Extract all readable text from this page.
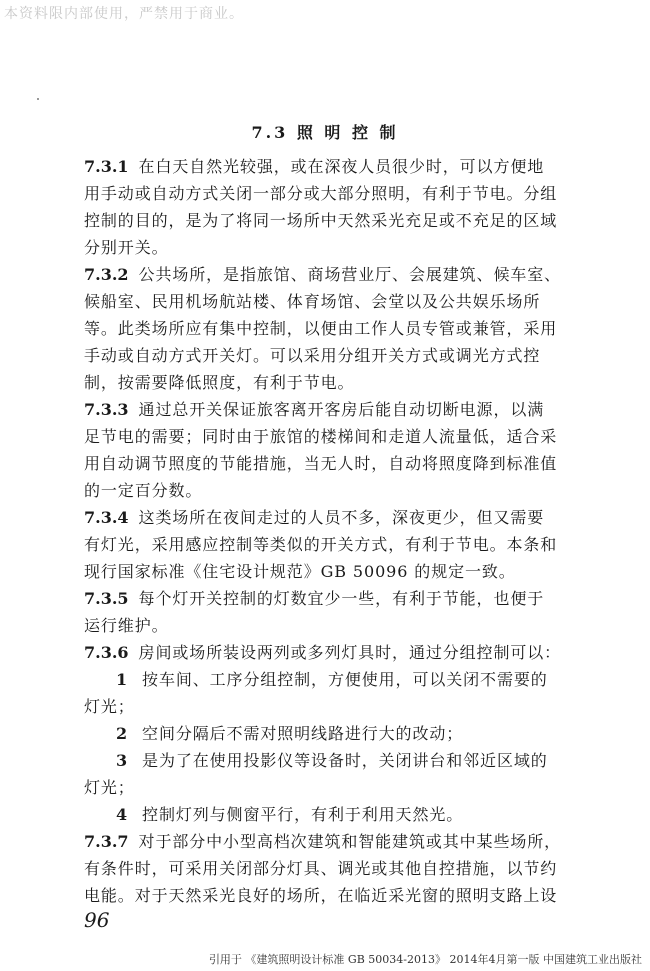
本资料限内部使用，严禁用于商业。
7.3 照 明 控 制
7.3.1 在白天自然光较强，或在深夜人员很少时，可以方便地
用手动或自动方式关闭一部分或大部分照明，有利于节电。分组
控制的目的，是为了将同一场所中天然采光充足或不充足的区域
分别开关。
7.3.2 公共场所，是指旅馆、商场营业厅、会展建筑、候车室、
候船室、民用机场航站楼、体育场馆、会堂以及公共娱乐场所
等。此类场所应有集中控制，以便由工作人员专管或兼管，采用
手动或自动方式开关灯。可以采用分组开关方式或调光方式控
制，按需要降低照度，有利于节电。
7.3.3 通过总开关保证旅客离开客房后能自动切断电源，以满
足节电的需要；同时由于旅馆的楼梯间和走道人流量低，适合采
用自动调节照度的节能措施，当无人时，自动将照度降到标准值
的一定百分数。
7.3.4 这类场所在夜间走过的人员不多，深夜更少，但又需要
有灯光，采用感应控制等类似的开关方式，有利于节电。本条和
现行国家标准《住宅设计规范》GB 50096 的规定一致。
7.3.5 每个灯开关控制的灯数宜少一些，有利于节能，也便于
运行维护。
7.3.6 房间或场所装设两列或多列灯具时，通过分组控制可以：
1 按车间、工序分组控制，方便使用，可以关闭不需要的
灯光；
2 空间分隔后不需对照明线路进行大的改动；
3 是为了在使用投影仪等设备时，关闭讲台和邻近区域的
灯光；
4 控制灯列与侧窗平行，有利于利用天然光。
7.3.7 对于部分中小型高档次建筑和智能建筑或其中某些场所，
有条件时，可采用关闭部分灯具、调光或其他自控措施，以节约
电能。对于天然采光良好的场所，在临近采光窗的照明支路上设
96
引用于 《建筑照明设计标准 GB 50034-2013》 2014年4月第一版 中国建筑工业出版社
